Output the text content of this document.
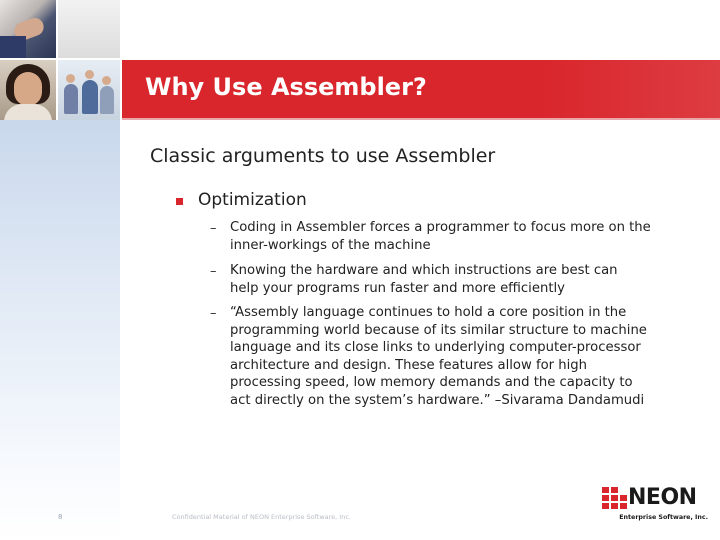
Why Use Assembler?

Classic arguments to use Assembler

Optimization

– Coding in Assembler forces a programmer to focus more on the
inner-workings of the machine
– Knowing the hardware and which instructions are best can
help your programs run faster and more efficiently
– “Assembly language continues to hold a core position in the
programming world because of its similar structure to machine
language and its close links to underlying computer-processor
architecture and design. These features allow for high
processing speed, low memory demands and the capacity to
act directly on the system’s hardware.” –Sivarama Dandamudi
8	Confidential Material of NEON Enterprise Software, Inc.
NEON
Enterprise Software, Inc.
